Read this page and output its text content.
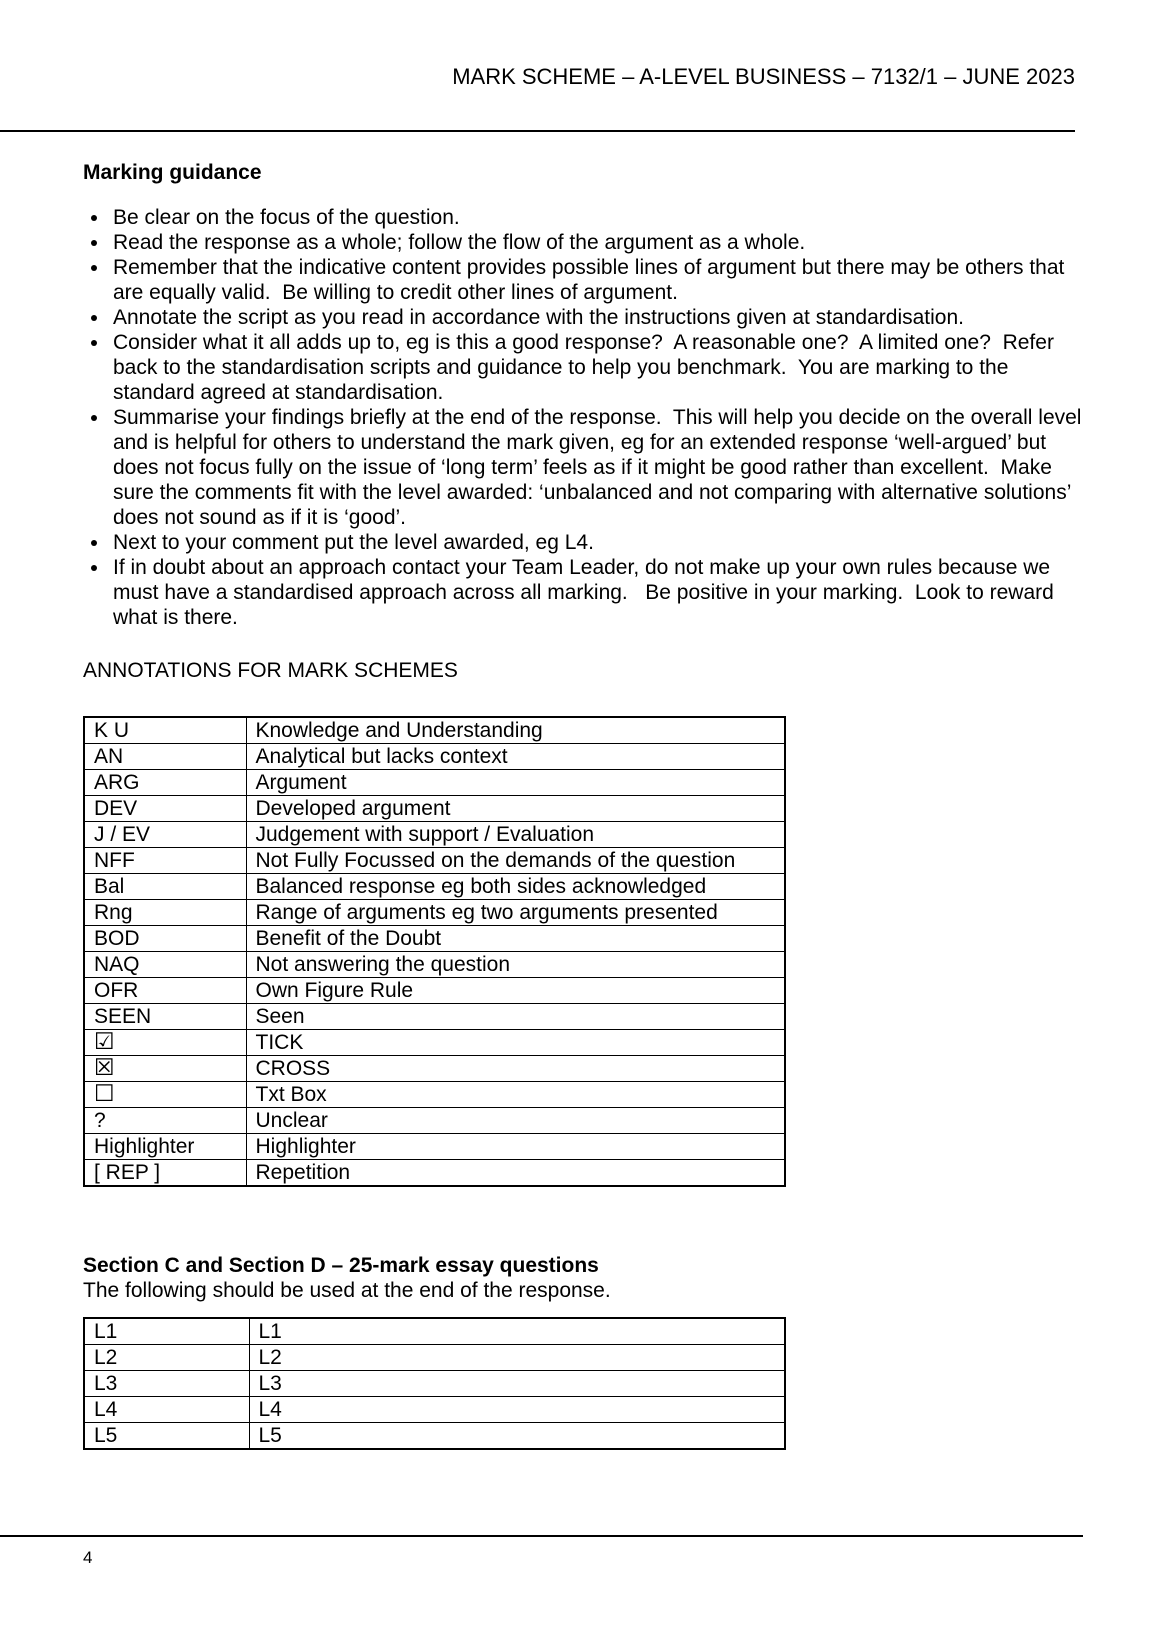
MARK SCHEME – A-LEVEL BUSINESS – 7132/1 – JUNE 2023

Marking guidance

• Be clear on the focus of the question.
• Read the response as a whole; follow the flow of the argument as a whole.
• Remember that the indicative content provides possible lines of argument but there may be others that are equally valid.  Be willing to credit other lines of argument.
• Annotate the script as you read in accordance with the instructions given at standardisation.
• Consider what it all adds up to, eg is this a good response?  A reasonable one?  A limited one?  Refer back to the standardisation scripts and guidance to help you benchmark.  You are marking to the standard agreed at standardisation.
• Summarise your findings briefly at the end of the response.  This will help you decide on the overall level and is helpful for others to understand the mark given, eg for an extended response ‘well-argued’ but does not focus fully on the issue of ‘long term’ feels as if it might be good rather than excellent.  Make sure the comments fit with the level awarded: ‘unbalanced and not comparing with alternative solutions’ does not sound as if it is ‘good’.
• Next to your comment put the level awarded, eg L4.
• If in doubt about an approach contact your Team Leader, do not make up your own rules because we must have a standardised approach across all marking.   Be positive in your marking.  Look to reward what is there.

ANNOTATIONS FOR MARK SCHEMES

K U	Knowledge and Understanding
AN	Analytical but lacks context
ARG	Argument
DEV	Developed argument
J / EV	Judgement with support / Evaluation
NFF	Not Fully Focussed on the demands of the question
Bal	Balanced response eg both sides acknowledged
Rng	Range of arguments eg two arguments presented
BOD	Benefit of the Doubt
NAQ	Not answering the question
OFR	Own Figure Rule
SEEN	Seen
☑	TICK
☒	CROSS
☐	Txt Box
?	Unclear
Highlighter	Highlighter
[ REP ]	Repetition

Section C and Section D – 25-mark essay questions

The following should be used at the end of the response.

L1	L1
L2	L2
L3	L3
L4	L4
L5	L5
4
